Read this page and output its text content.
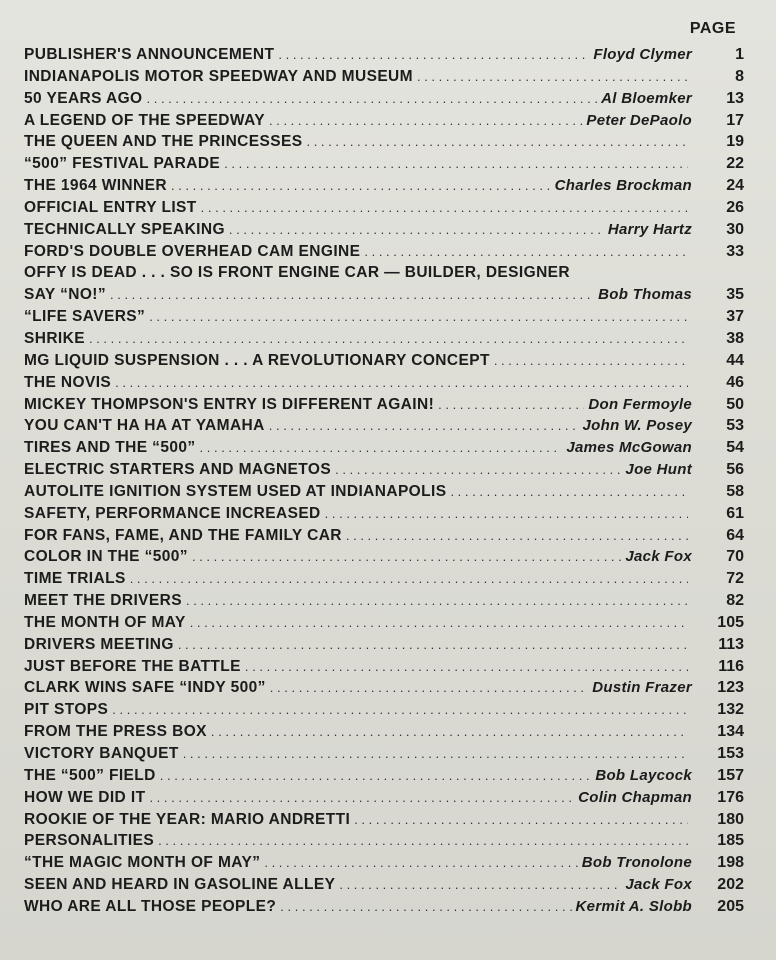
PAGE
PUBLISHER'S ANNOUNCEMENT . . .	Floyd Clymer	1
INDIANAPOLIS MOTOR SPEEDWAY AND MUSEUM . . .	8
50 YEARS AGO . . .	Al Bloemker	13
A LEGEND OF THE SPEEDWAY . . .	Peter DePaolo	17
THE QUEEN AND THE PRINCESSES . . .	19
“500” FESTIVAL PARADE . . .	22
THE 1964 WINNER . . .	Charles Brockman	24
OFFICIAL ENTRY LIST . . .	26
TECHNICALLY SPEAKING . . .	Harry Hartz	30
FORD'S DOUBLE OVERHEAD CAM ENGINE . . .	33
OFFY IS DEAD . . . SO IS FRONT ENGINE CAR — BUILDER, DESIGNER
SAY “NO!” . . .	Bob Thomas	35
“LIFE SAVERS” . . .	37
SHRIKE . . .	38
MG LIQUID SUSPENSION . . . A REVOLUTIONARY CONCEPT . . .	44
THE NOVIS . . .	46
MICKEY THOMPSON'S ENTRY IS DIFFERENT AGAIN! . . .	Don Fermoyle	50
YOU CAN'T HA HA AT YAMAHA . . .	John W. Posey	53
TIRES AND THE “500” . . .	James McGowan	54
ELECTRIC STARTERS AND MAGNETOS . . .	Joe Hunt	56
AUTOLITE IGNITION SYSTEM USED AT INDIANAPOLIS . . .	58
SAFETY, PERFORMANCE INCREASED . . .	61
FOR FANS, FAME, AND THE FAMILY CAR . . .	64
COLOR IN THE “500” . . .	Jack Fox	70
TIME TRIALS . . .	72
MEET THE DRIVERS . . .	82
THE MONTH OF MAY . . .	105
DRIVERS MEETING . . .	113
JUST BEFORE THE BATTLE . . .	116
CLARK WINS SAFE “INDY 500” . . .	Dustin Frazer	123
PIT STOPS . . .	132
FROM THE PRESS BOX . . .	134
VICTORY BANQUET . . .	153
THE “500” FIELD . . .	Bob Laycock	157
HOW WE DID IT . . .	Colin Chapman	176
ROOKIE OF THE YEAR: MARIO ANDRETTI . . .	180
PERSONALITIES . . .	185
“THE MAGIC MONTH OF MAY” . . .	Bob Tronolone	198
SEEN AND HEARD IN GASOLINE ALLEY . . .	Jack Fox	202
WHO ARE ALL THOSE PEOPLE? . . .	Kermit A. Slobb	205
